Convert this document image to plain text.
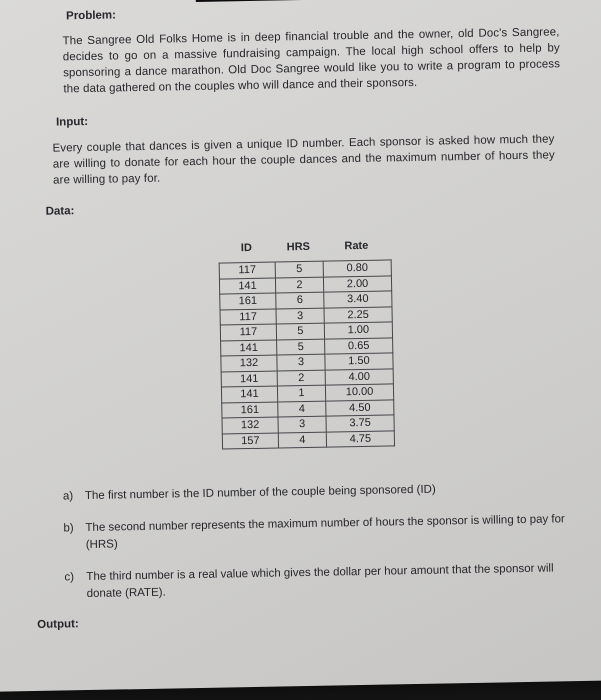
Problem:
The Sangree Old Folks Home is in deep financial trouble and the owner, old Doc's Sangree, decides to go on a massive fundraising campaign. The local high school offers to help by sponsoring a dance marathon. Old Doc Sangree would like you to write a program to process the data gathered on the couples who will dance and their sponsors.
Input:
Every couple that dances is given a unique ID number. Each sponsor is asked how much they are willing to donate for each hour the couple dances and the maximum number of hours they are willing to pay for.
Data:
ID	HRS	Rate
117	5	0.80
141	2	2.00
161	6	3.40
117	3	2.25
117	5	1.00
141	5	0.65
132	3	1.50
141	2	4.00
141	1	10.00
161	4	4.50
132	3	3.75
157	4	4.75
a)	The first number is the ID number of the couple being sponsored (ID)
b)	The second number represents the maximum number of hours the sponsor is willing to pay for (HRS)
c)	The third number is a real value which gives the dollar per hour amount that the sponsor will donate (RATE).
Output:
